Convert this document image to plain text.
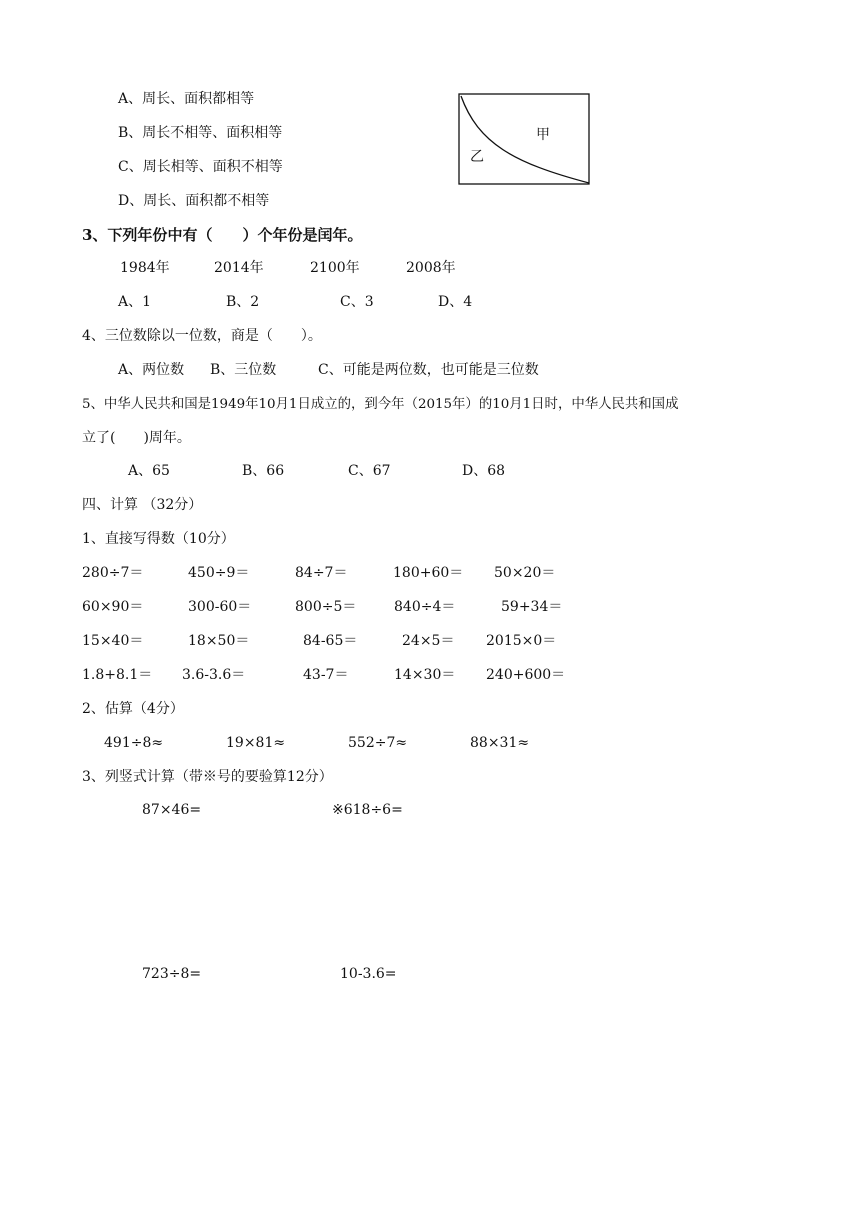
A、周长、面积都相等
B、周长不相等、面积相等
C、周长相等、面积不相等
D、周长、面积都不相等
甲
乙
3、下列年份中有（　　）个年份是闰年。
1984年	2014年	2100年	2008年
A、1	B、2	C、3	D、4
4、三位数除以一位数，商是（　　）。
A、两位数 B、三位数	C、可能是两位数，也可能是三位数
5、中华人民共和国是1949年10月1日成立的，到今年（2015年）的10月1日时，中华人民共和国成
立了(　　)周年。
A、65	B、66	C、67	D、68
四、计算 （32分）
1、直接写得数（10分）
280÷7＝	450÷9＝	84÷7＝	180+60＝ 50×20＝
60×90＝	300-60＝	800÷5＝	840÷4＝	59+34＝
15×40＝	18×50＝	84-65＝	24×5＝ 2015×0＝
1.8+8.1＝ 3.6-3.6＝	43-7＝	14×30＝ 240+600＝
2、估算（4分）
491÷8≈	19×81≈	552÷7≈	88×31≈
3、列竖式计算（带※号的要验算12分）
87×46=	※618÷6=
723÷8=	10-3.6=
